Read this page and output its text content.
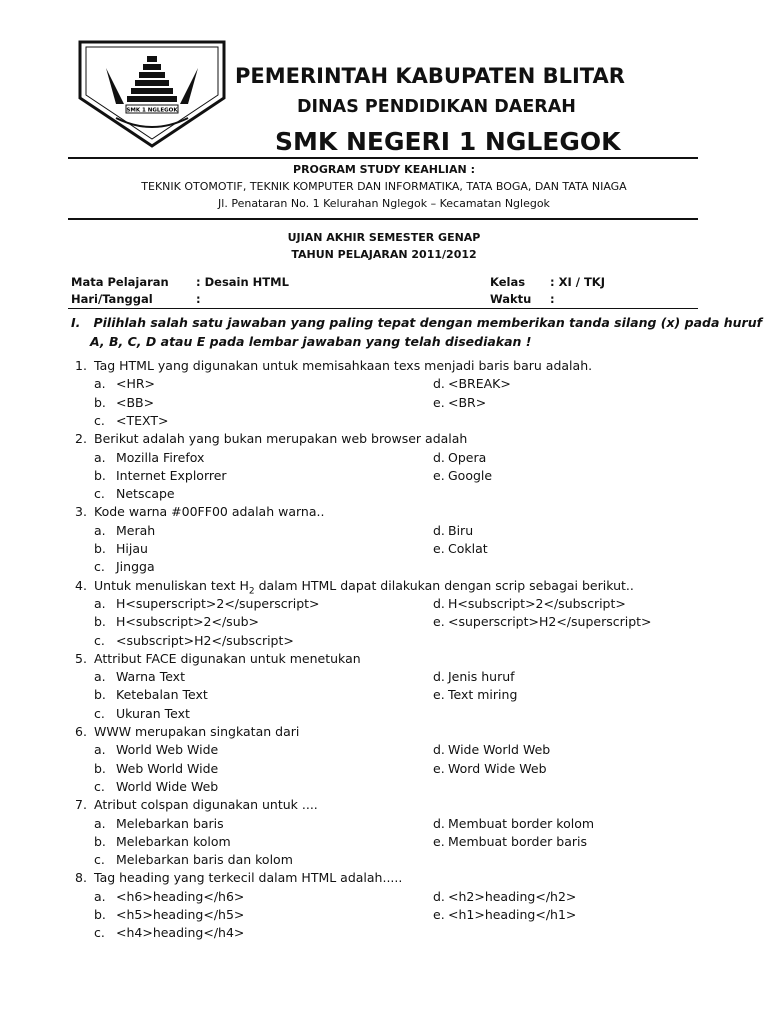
SMK 1 NGLEGOK
PEMERINTAH KABUPATEN BLITAR
DINAS PENDIDIKAN DAERAH
SMK NEGERI 1 NGLEGOK
PROGRAM STUDY KEAHLIAN :
TEKNIK OTOMOTIF, TEKNIK KOMPUTER DAN INFORMATIKA, TATA BOGA, DAN TATA NIAGA
Jl. Penataran No. 1 Kelurahan Nglegok – Kecamatan Nglegok
UJIAN AKHIR SEMESTER GENAP
TAHUN PELAJARAN 2011/2012
Mata Pelajaran : Desain HTML	Kelas : XI / TKJ
Hari/Tanggal	:	Waktu :
I. Pilihlah salah satu jawaban yang paling tepat dengan memberikan tanda silang (x) pada huruf
A, B, C, D atau E pada lembar jawaban yang telah disediakan !
1. Tag HTML yang digunakan untuk memisahkaan texs menjadi baris baru adalah.
a. <HR>	d. <BREAK>
b. <BB>	e. <BR>
c. <TEXT>
2. Berikut adalah yang bukan merupakan web browser adalah
a. Mozilla Firefox	d. Opera
b. Internet Explorrer	e. Google
c. Netscape
3. Kode warna #00FF00 adalah warna..
a. Merah	d. Biru
b. Hijau	e. Coklat
c. Jingga
4. Untuk menuliskan text $H_2$ dalam HTML dapat dilakukan dengan scrip sebagai berikut..
a. H<superscript>2</superscript>	d. H<subscript>2</subscript>
b. H<subscript>2</sub>	e. <superscript>H2</superscript>
c. <subscript>H2</subscript>
5. Attribut FACE digunakan untuk menetukan
a. Warna Text	d. Jenis huruf
b. Ketebalan Text	e. Text miring
c. Ukuran Text
6. WWW merupakan singkatan dari
a. World Web Wide	d. Wide World Web
b. Web World Wide	e. Word Wide Web
c. World Wide Web
7. Atribut colspan digunakan untuk ....
a. Melebarkan baris	d. Membuat border kolom
b. Melebarkan kolom	e. Membuat border baris
c. Melebarkan baris dan kolom
8. Tag heading yang terkecil dalam HTML adalah.....
a. <h6>heading</h6>	d. <h2>heading</h2>
b. <h5>heading</h5>	e. <h1>heading</h1>
c. <h4>heading</h4>
